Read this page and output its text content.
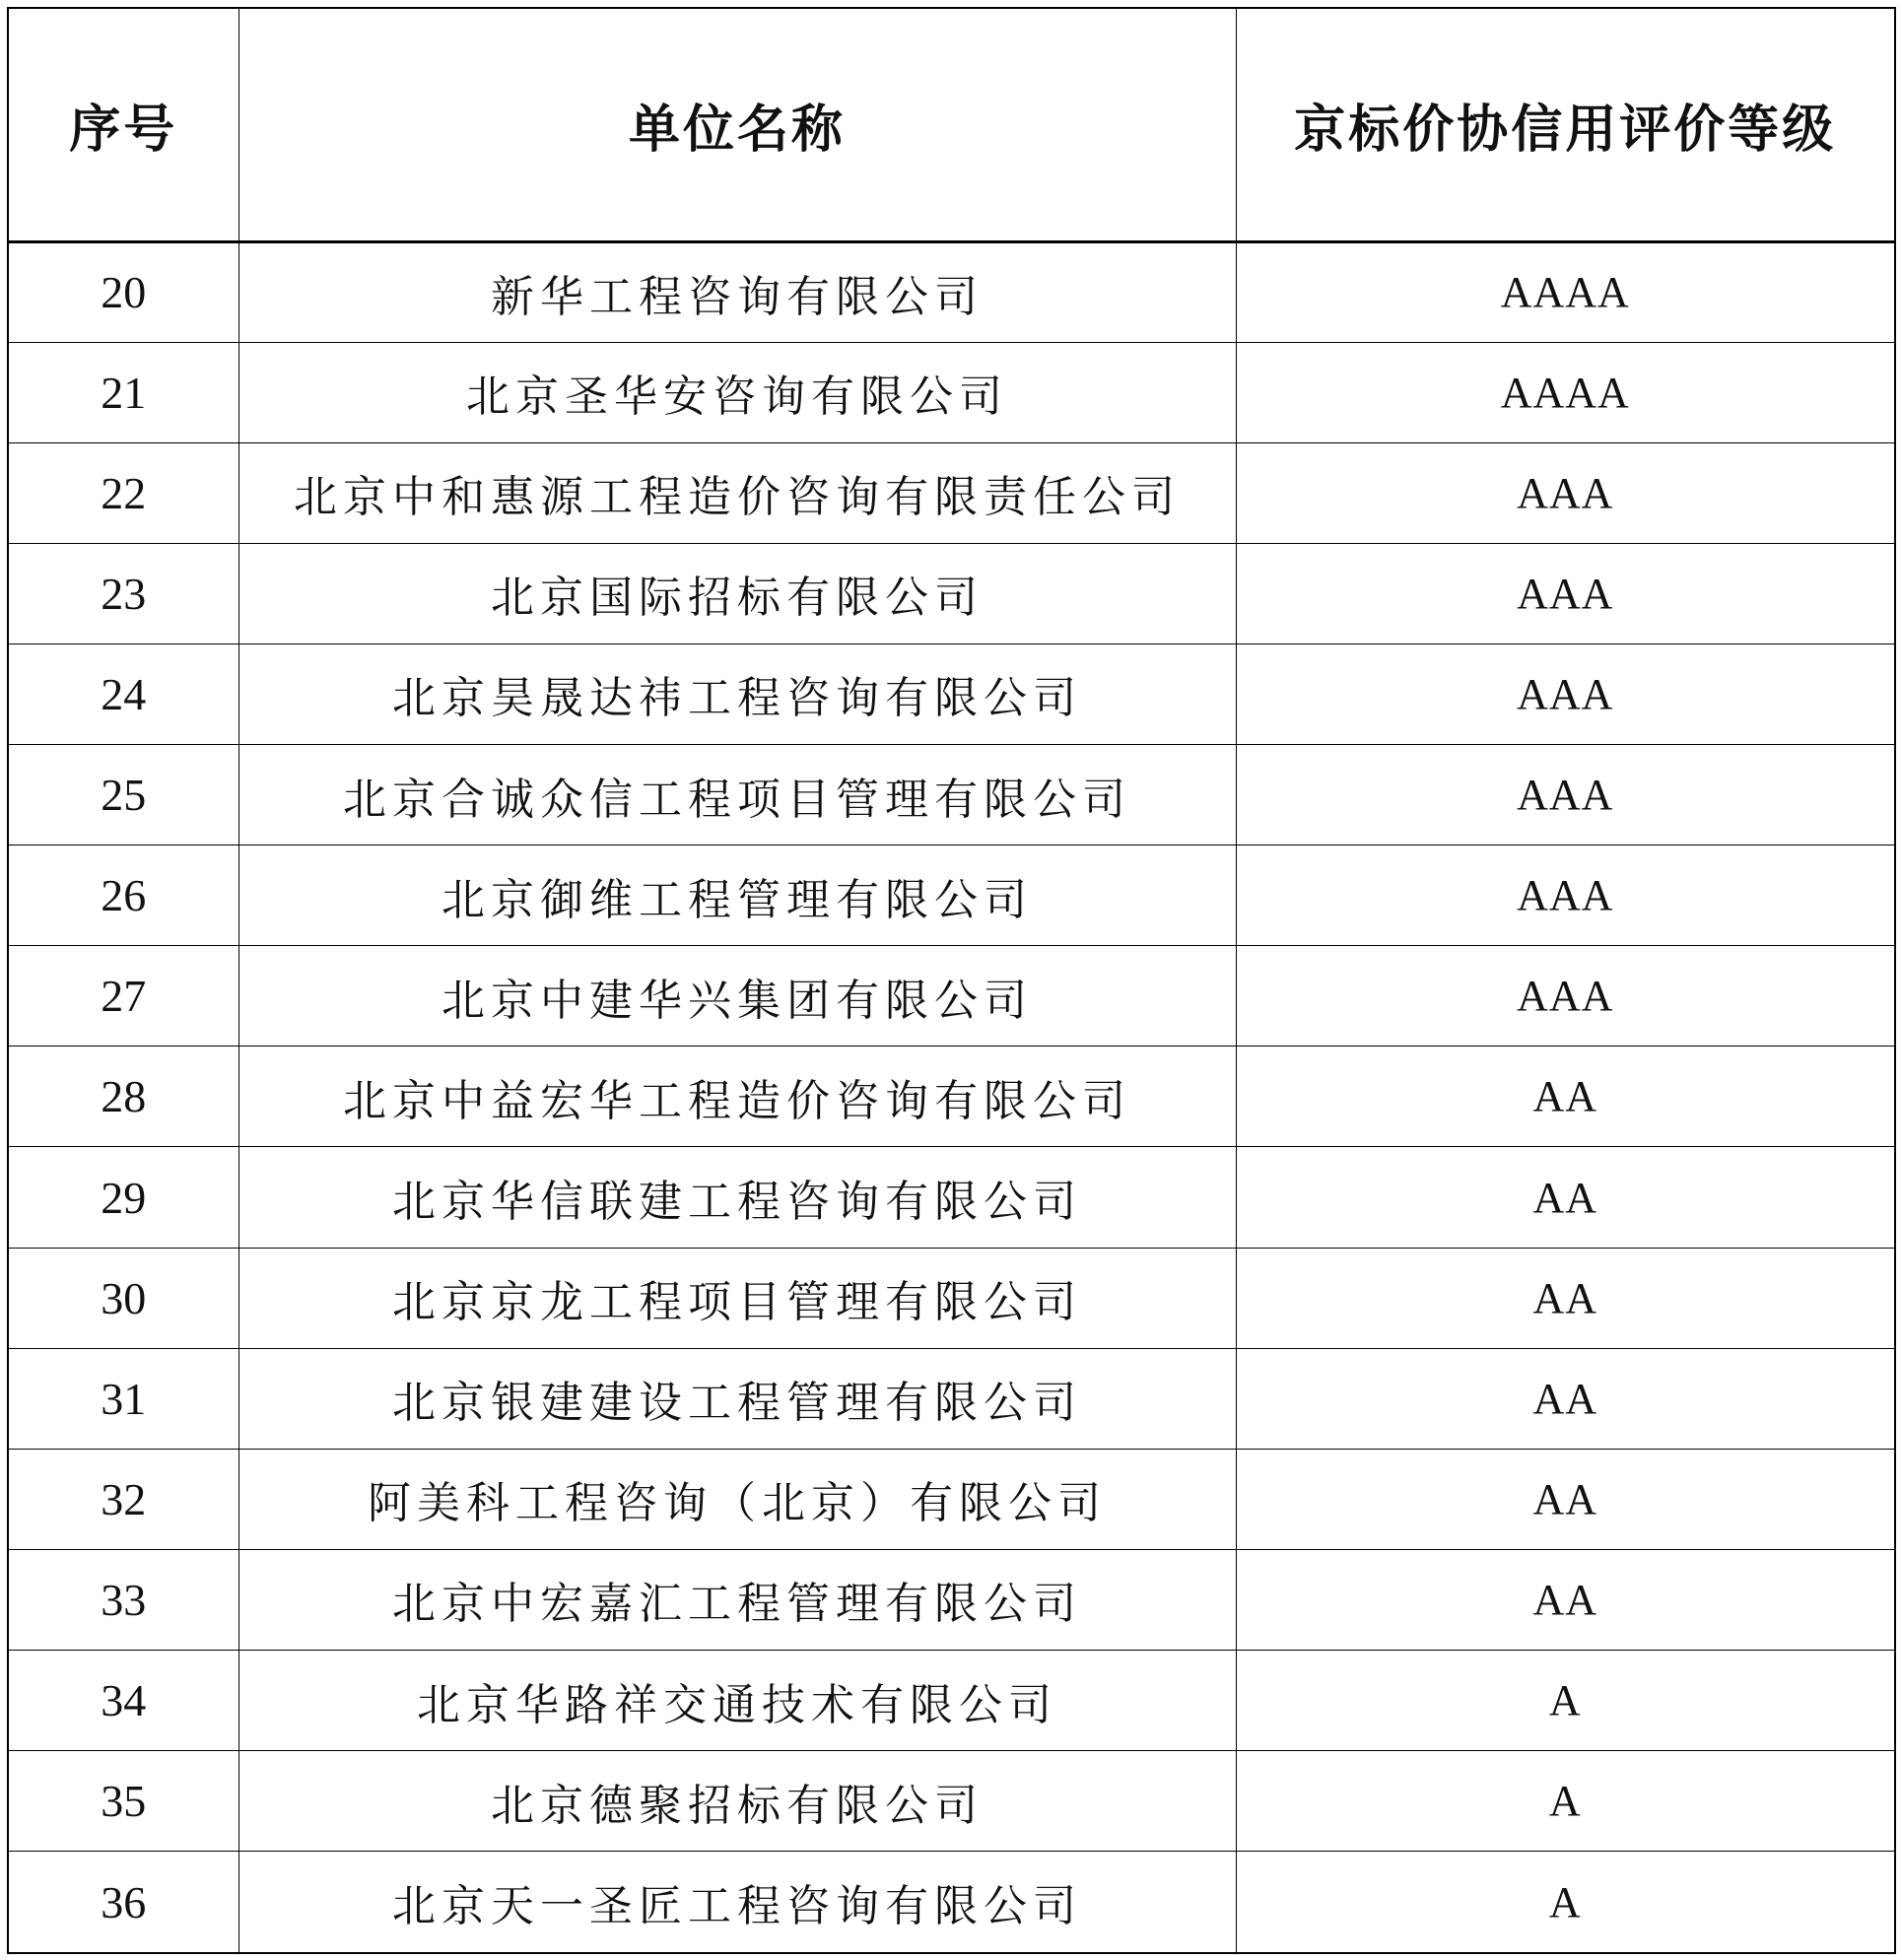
序号	单位名称	京标价协信用评价等级
20	新华工程咨询有限公司	AAAA
21	北京圣华安咨询有限公司	AAAA
22	北京中和惠源工程造价咨询有限责任公司	AAA
23	北京国际招标有限公司	AAA
24	北京昊晟达祎工程咨询有限公司	AAA
25	北京合诚众信工程项目管理有限公司	AAA
26	北京御维工程管理有限公司	AAA
27	北京中建华兴集团有限公司	AAA
28	北京中益宏华工程造价咨询有限公司	AA
29	北京华信联建工程咨询有限公司	AA
30	北京京龙工程项目管理有限公司	AA
31	北京银建建设工程管理有限公司	AA
32	阿美科工程咨询（北京）有限公司	AA
33	北京中宏嘉汇工程管理有限公司	AA
34	北京华路祥交通技术有限公司	A
35	北京德聚招标有限公司	A
36	北京天一圣匠工程咨询有限公司	A
